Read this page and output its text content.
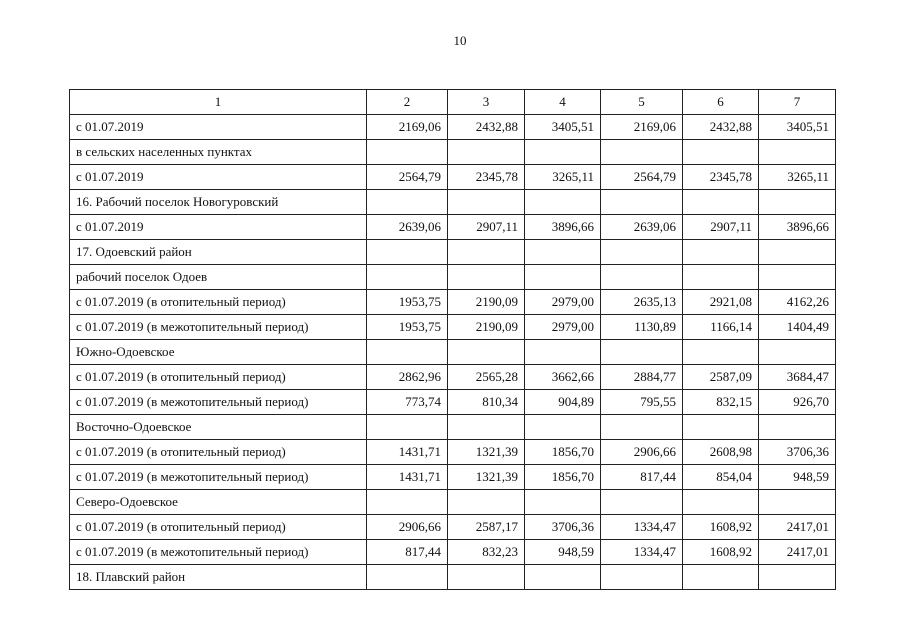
10
1	2	3	4	5	6	7
с 01.07.2019	2169,06	2432,88	3405,51	2169,06	2432,88	3405,51
в сельских населенных пунктах						
с 01.07.2019	2564,79	2345,78	3265,11	2564,79	2345,78	3265,11
16. Рабочий поселок Новогуровский						
с 01.07.2019	2639,06	2907,11	3896,66	2639,06	2907,11	3896,66
17. Одоевский район						
рабочий поселок Одоев						
с 01.07.2019 (в отопительный период)	1953,75	2190,09	2979,00	2635,13	2921,08	4162,26
с 01.07.2019 (в межотопительный период)	1953,75	2190,09	2979,00	1130,89	1166,14	1404,49
Южно-Одоевское						
с 01.07.2019 (в отопительный период)	2862,96	2565,28	3662,66	2884,77	2587,09	3684,47
с 01.07.2019 (в межотопительный период)	773,74	810,34	904,89	795,55	832,15	926,70
Восточно-Одоевское						
с 01.07.2019 (в отопительный период)	1431,71	1321,39	1856,70	2906,66	2608,98	3706,36
с 01.07.2019 (в межотопительный период)	1431,71	1321,39	1856,70	817,44	854,04	948,59
Северо-Одоевское						
с 01.07.2019 (в отопительный период)	2906,66	2587,17	3706,36	1334,47	1608,92	2417,01
с 01.07.2019 (в межотопительный период)	817,44	832,23	948,59	1334,47	1608,92	2417,01
18. Плавский район						
